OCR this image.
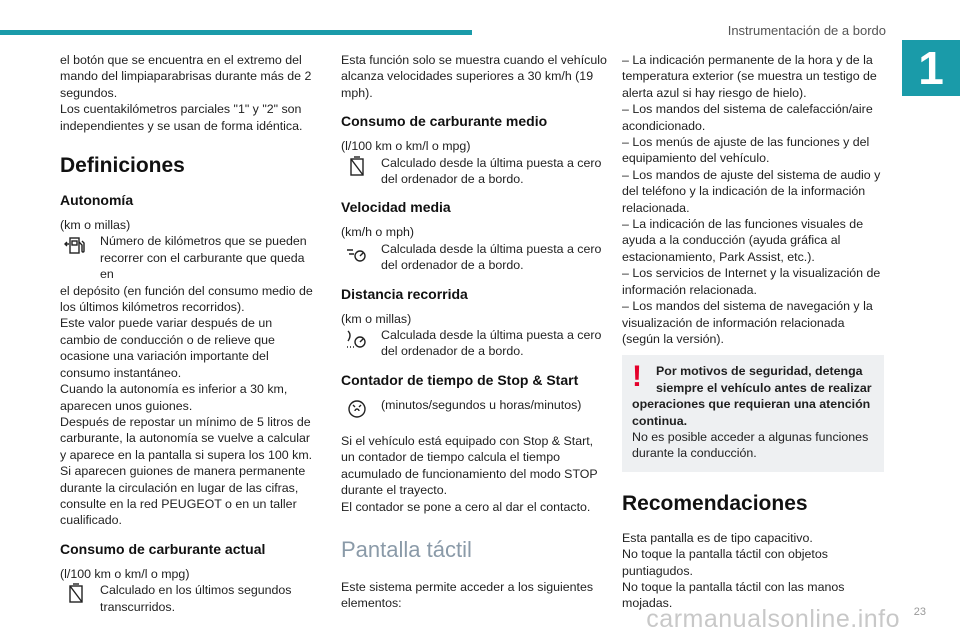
Instrumentación de a bordo
1

el botón que se encuentra en el extremo del mando del limpiaparabrisas durante más de 2 segundos.

Los cuentakilómetros parciales "1" y "2" son independientes y se usan de forma idéntica.

Definiciones
Autonomía

(km o millas)

Número de kilómetros que se pueden recorrer con el carburante que queda en

el depósito (en función del consumo medio de los últimos kilómetros recorridos).

Este valor puede variar después de un cambio de conducción o de relieve que ocasione una variación importante del consumo instantáneo.

Cuando la autonomía es inferior a 30 km, aparecen unos guiones.

Después de repostar un mínimo de 5 litros de carburante, la autonomía se vuelve a calcular y aparece en la pantalla si supera los 100 km.

Si aparecen guiones de manera permanente durante la circulación en lugar de las cifras, consulte en la red PEUGEOT o en un taller cualificado.

Consumo de carburante actual

(l/100 km o km/l o mpg)

Calculado en los últimos segundos transcurridos.

Esta función solo se muestra cuando el vehículo alcanza velocidades superiores a 30 km/h (19 mph).

Consumo de carburante medio

(l/100 km o km/l o mpg)

Calculado desde la última puesta a cero del ordenador de a bordo.
Velocidad media

(km/h o mph)

Calculada desde la última puesta a cero del ordenador de a bordo.
Distancia recorrida

(km o millas)

Calculada desde la última puesta a cero del ordenador de a bordo.
Contador de tiempo de Stop & Start
(minutos/segundos u horas/minutos)

Si el vehículo está equipado con Stop & Start, un contador de tiempo calcula el tiempo acumulado de funcionamiento del modo STOP durante el trayecto.

El contador se pone a cero al dar el contacto.

Pantalla táctil

Este sistema permite acceder a los siguientes elementos:

– La indicación permanente de la hora y de la temperatura exterior (se muestra un testigo de alerta azul si hay riesgo de hielo).

– Los mandos del sistema de calefacción/aire acondicionado.

– Los menús de ajuste de las funciones y del equipamiento del vehículo.

– Los mandos de ajuste del sistema de audio y del teléfono y la indicación de la información relacionada.

– La indicación de las funciones visuales de ayuda a la conducción (ayuda gráfica al estacionamiento, Park Assist, etc.).

– Los servicios de Internet y la visualización de información relacionada.

– Los mandos del sistema de navegación y la visualización de información relacionada (según la versión).

!	Por motivos de seguridad, detenga siempre el vehículo antes de realizar

operaciones que requieran una atención continua.

No es posible acceder a algunas funciones durante la conducción.

Recomendaciones

Esta pantalla es de tipo capacitivo.

No toque la pantalla táctil con objetos puntiagudos.

No toque la pantalla táctil con las manos mojadas.

23
carmanualsonline.info
